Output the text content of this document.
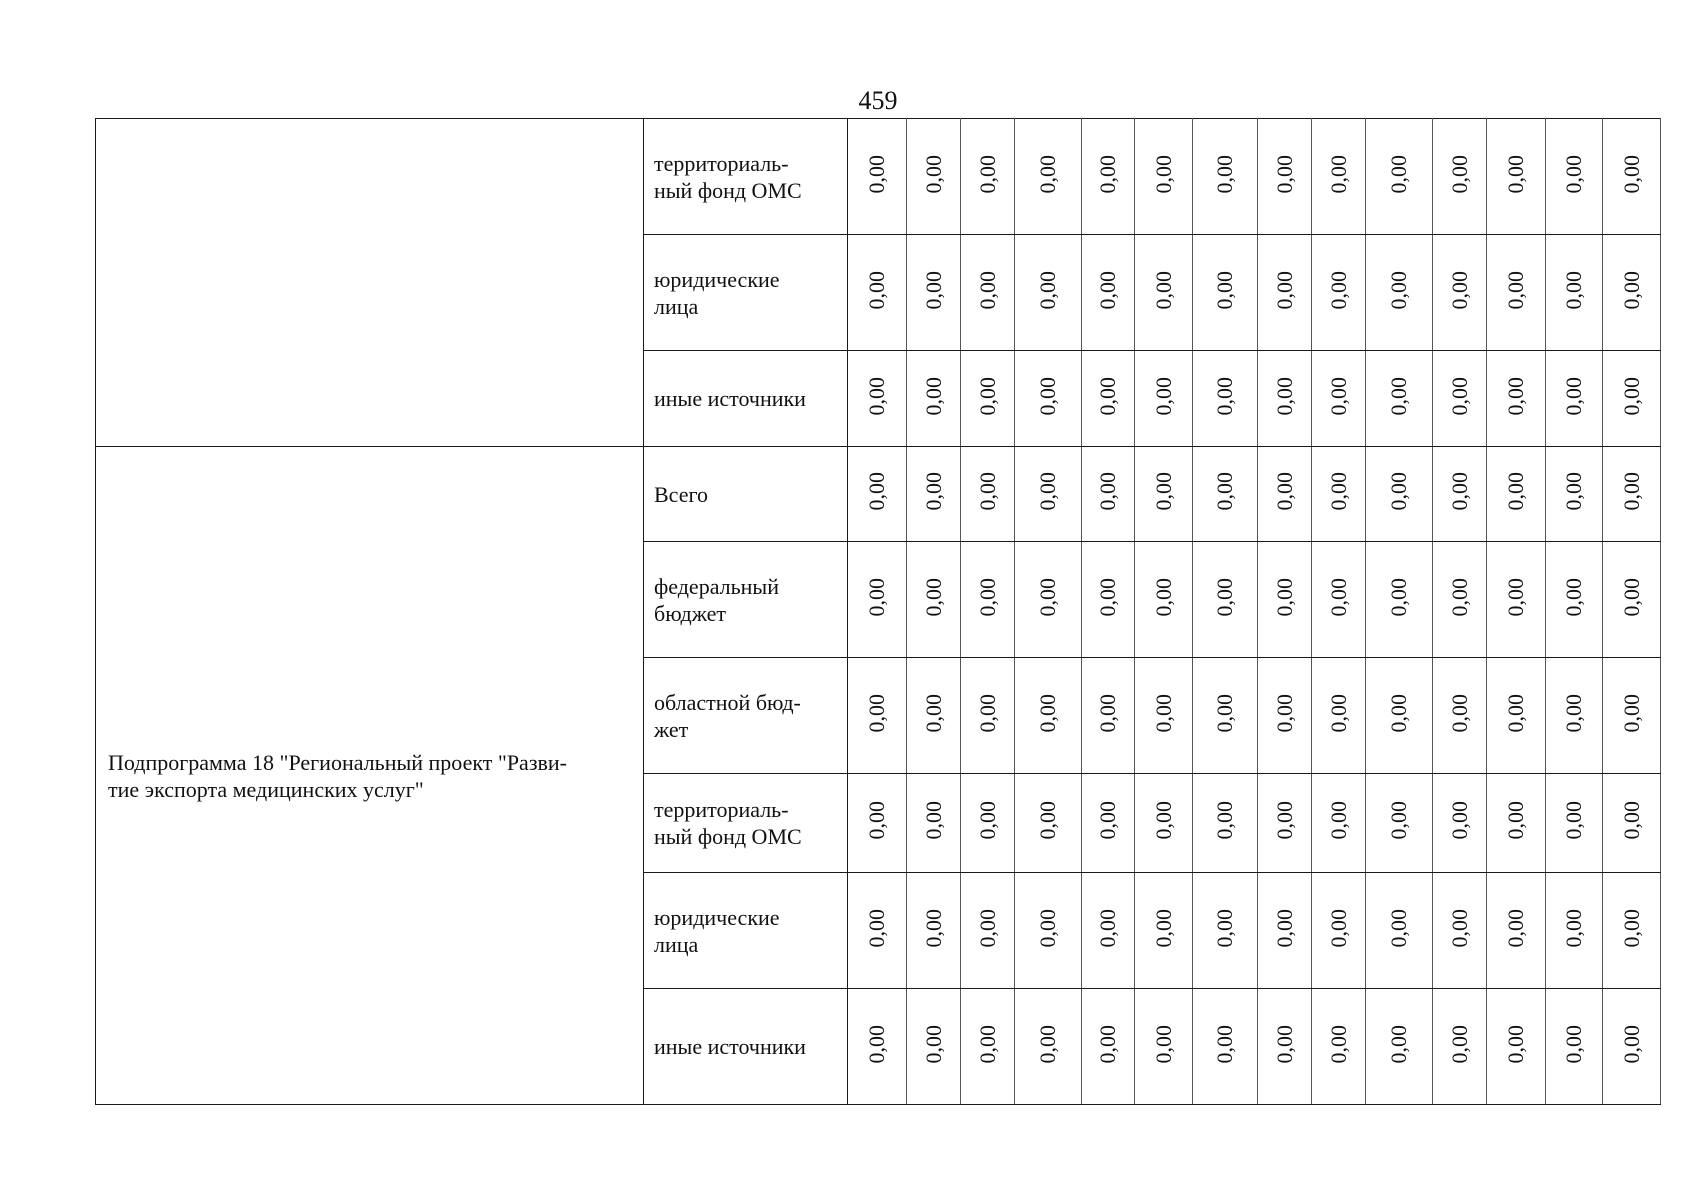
459
	территориаль-
ный фонд ОМС	0,00	0,00	0,00	0,00	0,00	0,00	0,00	0,00	0,00	0,00	0,00	0,00	0,00	0,00
	юридические
лица	0,00	0,00	0,00	0,00	0,00	0,00	0,00	0,00	0,00	0,00	0,00	0,00	0,00	0,00
	иные источники	0,00	0,00	0,00	0,00	0,00	0,00	0,00	0,00	0,00	0,00	0,00	0,00	0,00	0,00
Подпрограмма 18 "Региональный проект "Разви-
тие экспорта медицинских услуг"	Всего	0,00	0,00	0,00	0,00	0,00	0,00	0,00	0,00	0,00	0,00	0,00	0,00	0,00	0,00
	федеральный
бюджет	0,00	0,00	0,00	0,00	0,00	0,00	0,00	0,00	0,00	0,00	0,00	0,00	0,00	0,00
	областной бюд-
жет	0,00	0,00	0,00	0,00	0,00	0,00	0,00	0,00	0,00	0,00	0,00	0,00	0,00	0,00
	территориаль-
ный фонд ОМС	0,00	0,00	0,00	0,00	0,00	0,00	0,00	0,00	0,00	0,00	0,00	0,00	0,00	0,00
	юридические
лица	0,00	0,00	0,00	0,00	0,00	0,00	0,00	0,00	0,00	0,00	0,00	0,00	0,00	0,00
	иные источники	0,00	0,00	0,00	0,00	0,00	0,00	0,00	0,00	0,00	0,00	0,00	0,00	0,00	0,00
